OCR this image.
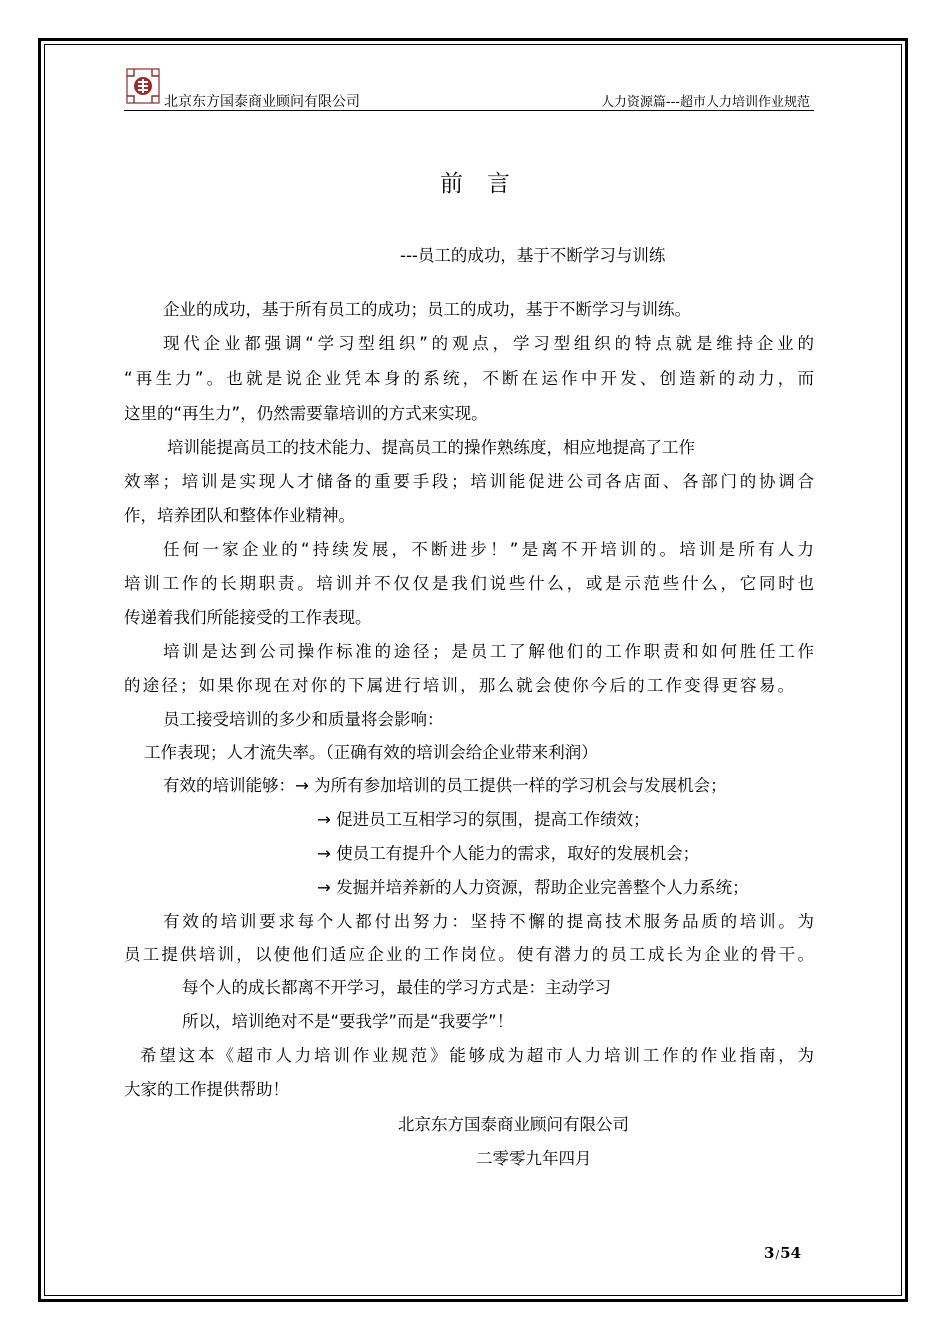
北京东方国泰商业顾问有限公司	人力资源篇---超市人力培训作业规范
前言
---员工的成功，基于不断学习与训练
企业的成功，基于所有员工的成功；员工的成功，基于不断学习与训练。
现代企业都强调“学习型组织”的观点，学习型组织的特点就是维持企业的
“再生力”。也就是说企业凭本身的系统，不断在运作中开发、创造新的动力，而
这里的“再生力”，仍然需要靠培训的方式来实现。
培训能提高员工的技术能力、提高员工的操作熟练度，相应地提高了工作
效率；培训是实现人才储备的重要手段；培训能促进公司各店面、各部门的协调合
作，培养团队和整体作业精神。
任何一家企业的“持续发展，不断进步！”是离不开培训的。培训是所有人力
培训工作的长期职责。培训并不仅仅是我们说些什么，或是示范些什么，它同时也
传递着我们所能接受的工作表现。
培训是达到公司操作标准的途径；是员工了解他们的工作职责和如何胜任工作
的途径；如果你现在对你的下属进行培训，那么就会使你今后的工作变得更容易。
员工接受培训的多少和质量将会影响：
工作表现；人才流失率。（正确有效的培训会给企业带来利润）
有效的培训能够：→ 为所有参加培训的员工提供一样的学习机会与发展机会；
→ 促进员工互相学习的氛围，提高工作绩效；
→ 使员工有提升个人能力的需求，取好的发展机会；
→ 发掘并培养新的人力资源，帮助企业完善整个人力系统；
有效的培训要求每个人都付出努力：坚持不懈的提高技术服务品质的培训。为
员工提供培训，以使他们适应企业的工作岗位。使有潜力的员工成长为企业的骨干。
每个人的成长都离不开学习，最佳的学习方式是：主动学习
所以，培训绝对不是“要我学”而是“我要学”！
希望这本《超市人力培训作业规范》能够成为超市人力培训工作的作业指南，为
大家的工作提供帮助！
北京东方国泰商业顾问有限公司
二零零九年四月
3/54
